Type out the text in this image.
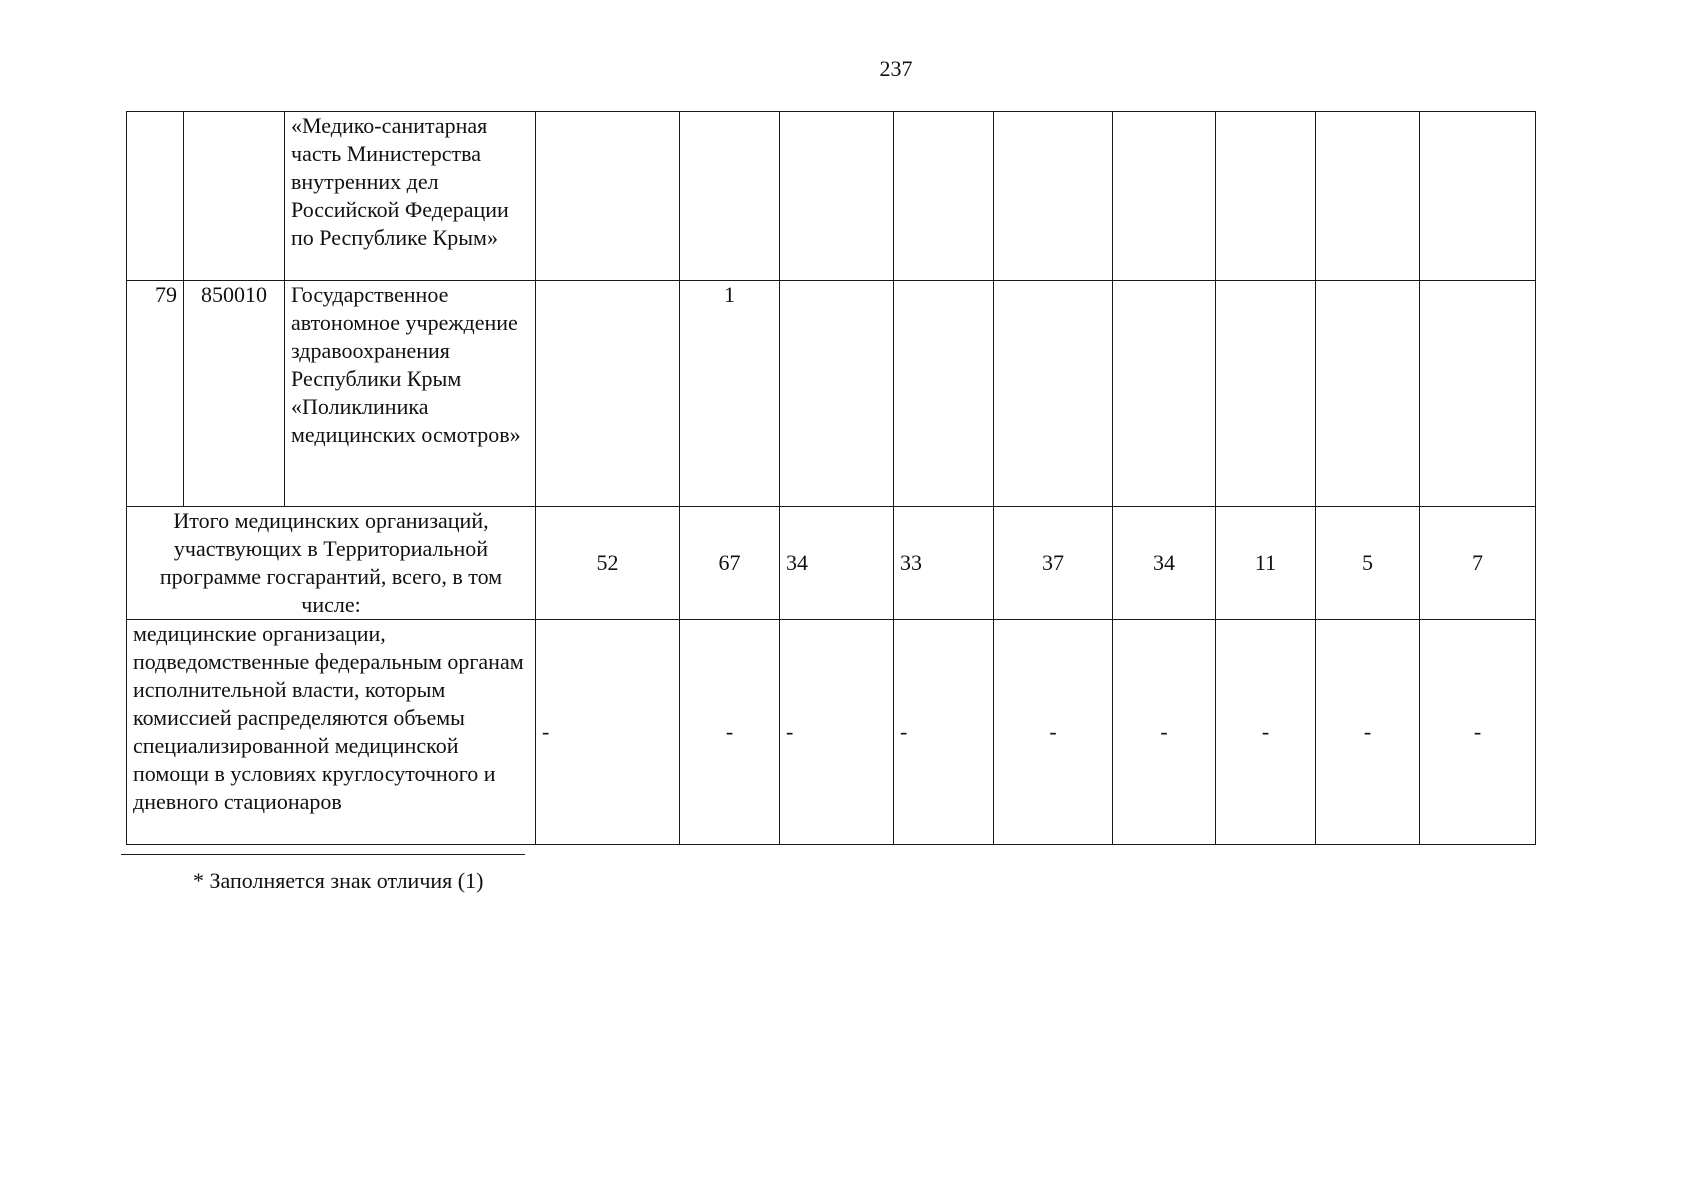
237
		«Медико-санитарная часть Министерства внутренних дел Российской Федерации по Республике Крым»									
79	850010	Государственное автономное учреждение здравоохранения Республики Крым «Поликлиника медицинских осмотров»		1							
Итого медицинских организаций, участвующих в Территориальной программе госгарантий, всего, в том числе:			52	67	34	33	37	34	11	5	7
медицинские организации, подведомственные федеральным органам исполнительной власти, которым комиссией распределяются объемы специализированной медицинской помощи в условиях круглосуточного и дневного стационаров			-	-	-	-	-	-	-	-	-
* Заполняется знак отличия (1)
